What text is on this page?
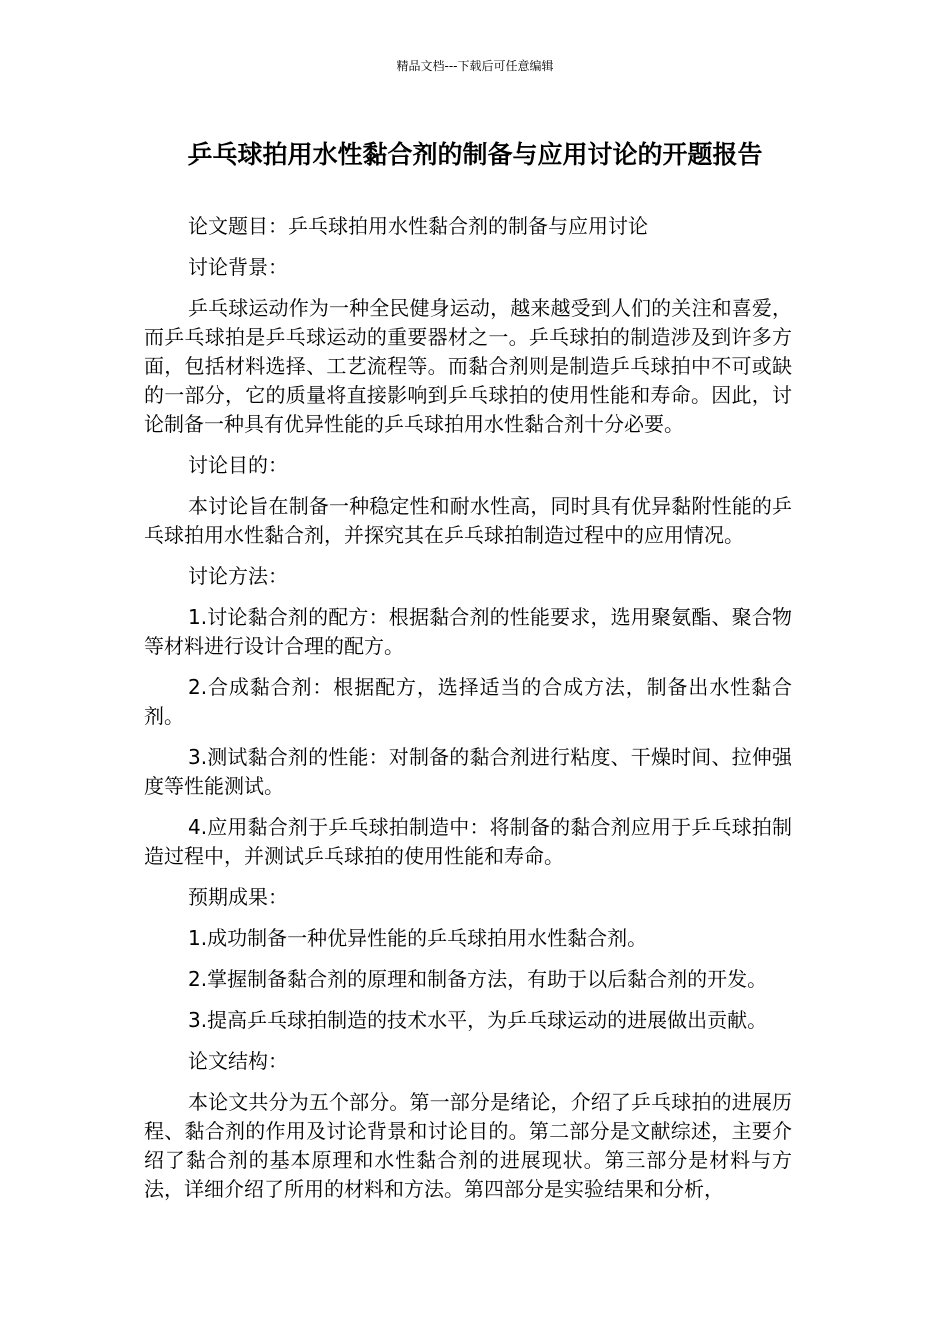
精品文档---下载后可任意编辑
乒乓球拍用水性黏合剂的制备与应用讨论的开题报告

论文题目：乒乓球拍用水性黏合剂的制备与应用讨论

讨论背景：

乒乓球运动作为一种全民健身运动，越来越受到人们的关注和喜爱，而乒乓球拍是乒乓球运动的重要器材之一。乒乓球拍的制造涉及到许多方面，包括材料选择、工艺流程等。而黏合剂则是制造乒乓球拍中不可或缺的一部分，它的质量将直接影响到乒乓球拍的使用性能和寿命。因此，讨论制备一种具有优异性能的乒乓球拍用水性黏合剂十分必要。

讨论目的：

本讨论旨在制备一种稳定性和耐水性高，同时具有优异黏附性能的乒乓球拍用水性黏合剂，并探究其在乒乓球拍制造过程中的应用情况。

讨论方法：

1.讨论黏合剂的配方：根据黏合剂的性能要求，选用聚氨酯、聚合物等材料进行设计合理的配方。

2.合成黏合剂：根据配方，选择适当的合成方法，制备出水性黏合剂。

3.测试黏合剂的性能：对制备的黏合剂进行粘度、干燥时间、拉伸强度等性能测试。

4.应用黏合剂于乒乓球拍制造中：将制备的黏合剂应用于乒乓球拍制造过程中，并测试乒乓球拍的使用性能和寿命。

预期成果：

1.成功制备一种优异性能的乒乓球拍用水性黏合剂。

2.掌握制备黏合剂的原理和制备方法，有助于以后黏合剂的开发。

3.提高乒乓球拍制造的技术水平，为乒乓球运动的进展做出贡献。

论文结构：

本论文共分为五个部分。第一部分是绪论，介绍了乒乓球拍的进展历程、黏合剂的作用及讨论背景和讨论目的。第二部分是文献综述，主要介绍了黏合剂的基本原理和水性黏合剂的进展现状。第三部分是材料与方法，详细介绍了所用的材料和方法。第四部分是实验结果和分析，
